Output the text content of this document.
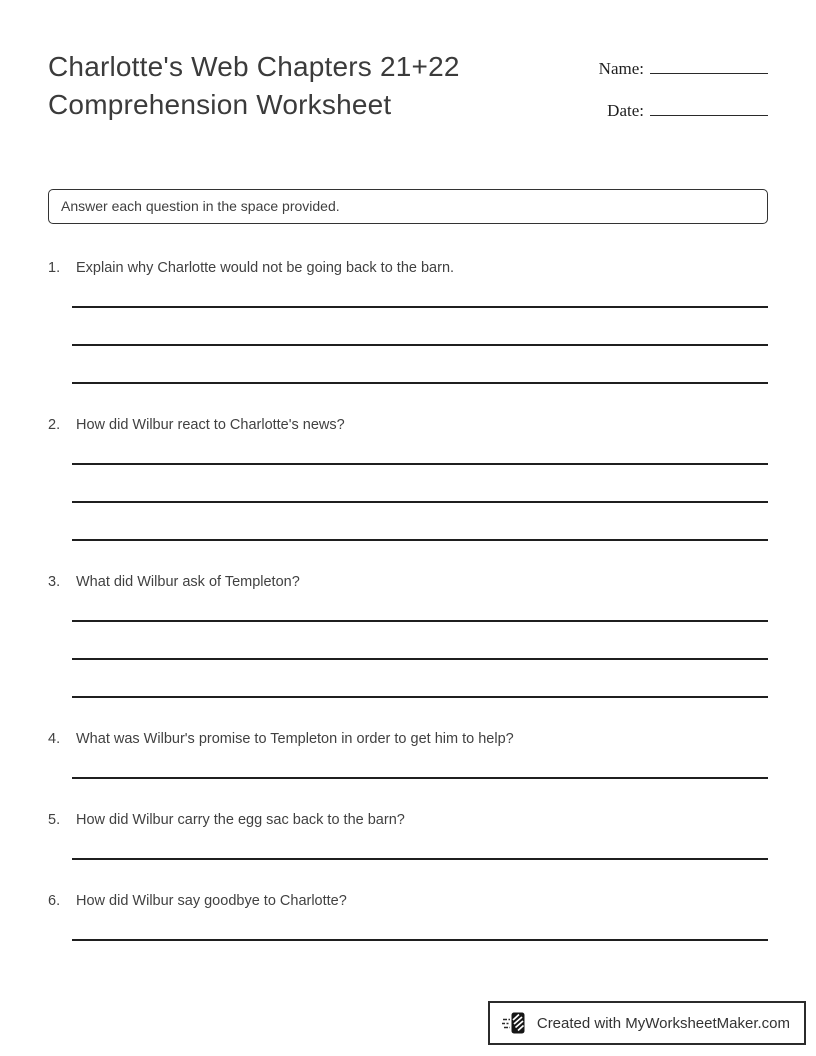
Charlotte's Web Chapters 21+22 Comprehension Worksheet
Name:
Date:
Answer each question in the space provided.
1.	Explain why Charlotte would not be going back to the barn.
2.	How did Wilbur react to Charlotte's news?
3.	What did Wilbur ask of Templeton?
4.	What was Wilbur's promise to Templeton in order to get him to help?
5.	How did Wilbur carry the egg sac back to the barn?
6.	How did Wilbur say goodbye to Charlotte?
Created with MyWorksheetMaker.com
